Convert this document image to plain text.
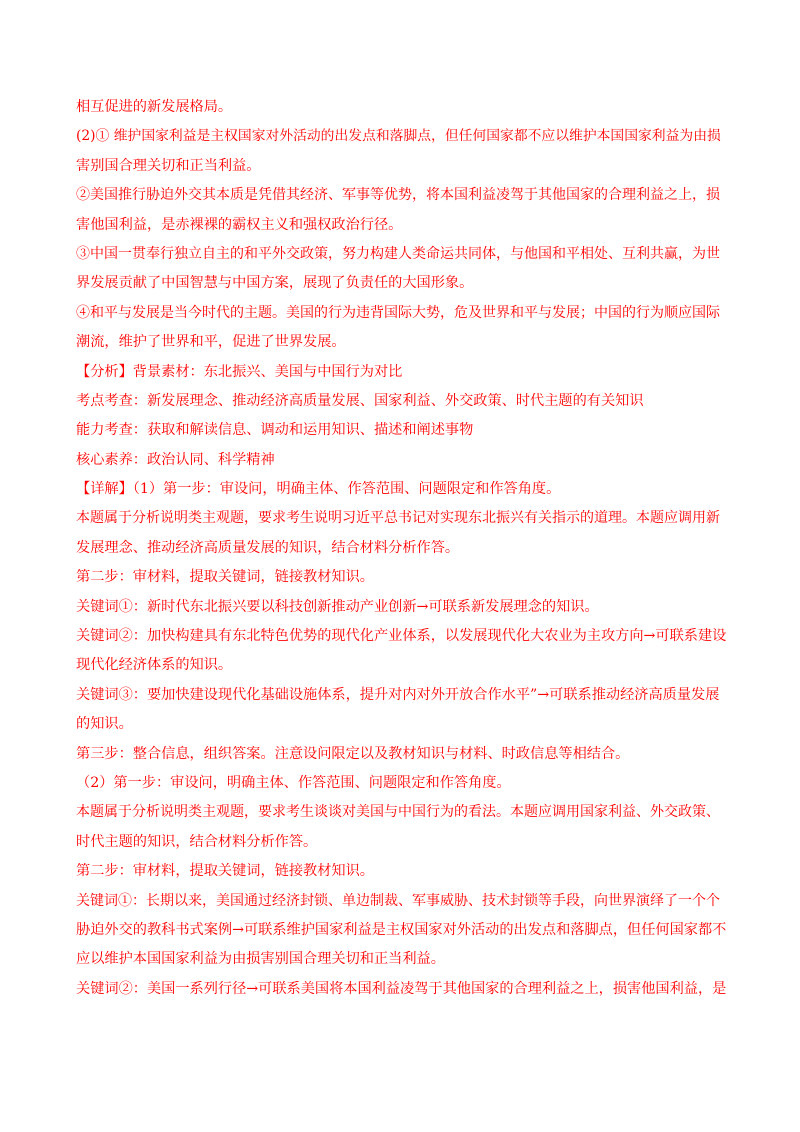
相互促进的新发展格局。
(2)① 维护国家利益是主权国家对外活动的出发点和落脚点，但任何国家都不应以维护本国国家利益为由损
害别国合理关切和正当利益。
②美国推行胁迫外交其本质是凭借其经济、军事等优势，将本国利益凌驾于其他国家的合理利益之上，损
害他国利益，是赤裸裸的霸权主义和强权政治行径。
③中国一贯奉行独立自主的和平外交政策，努力构建人类命运共同体，与他国和平相处、互利共赢，为世
界发展贡献了中国智慧与中国方案，展现了负责任的大国形象。
④和平与发展是当今时代的主题。美国的行为违背国际大势，危及世界和平与发展；中国的行为顺应国际
潮流，维护了世界和平，促进了世界发展。
【分析】背景素材：东北振兴、美国与中国行为对比
考点考查：新发展理念、推动经济高质量发展、国家利益、外交政策、时代主题的有关知识
能力考查：获取和解读信息、调动和运用知识、描述和阐述事物
核心素养：政治认同、科学精神
【详解】（1）第一步：审设问，明确主体、作答范围、问题限定和作答角度。
本题属于分析说明类主观题，要求考生说明习近平总书记对实现东北振兴有关指示的道理。本题应调用新
发展理念、推动经济高质量发展的知识，结合材料分析作答。
第二步：审材料，提取关键词，链接教材知识。
关键词①：新时代东北振兴要以科技创新推动产业创新→可联系新发展理念的知识。
关键词②：加快构建具有东北特色优势的现代化产业体系，以发展现代化大农业为主攻方向→可联系建设
现代化经济体系的知识。
关键词③：要加快建设现代化基础设施体系，提升对内对外开放合作水平”→可联系推动经济高质量发展
的知识。
第三步：整合信息，组织答案。注意设问限定以及教材知识与材料、时政信息等相结合。
（2）第一步：审设问，明确主体、作答范围、问题限定和作答角度。
本题属于分析说明类主观题，要求考生谈谈对美国与中国行为的看法。本题应调用国家利益、外交政策、
时代主题的知识，结合材料分析作答。
第二步：审材料，提取关键词，链接教材知识。
关键词①：长期以来，美国通过经济封锁、单边制裁、军事威胁、技术封锁等手段，向世界演绎了一个个
胁迫外交的教科书式案例→可联系维护国家利益是主权国家对外活动的出发点和落脚点，但任何国家都不
应以维护本国国家利益为由损害别国合理关切和正当利益。
关键词②：美国一系列行径→可联系美国将本国利益凌驾于其他国家的合理利益之上，损害他国利益，是
